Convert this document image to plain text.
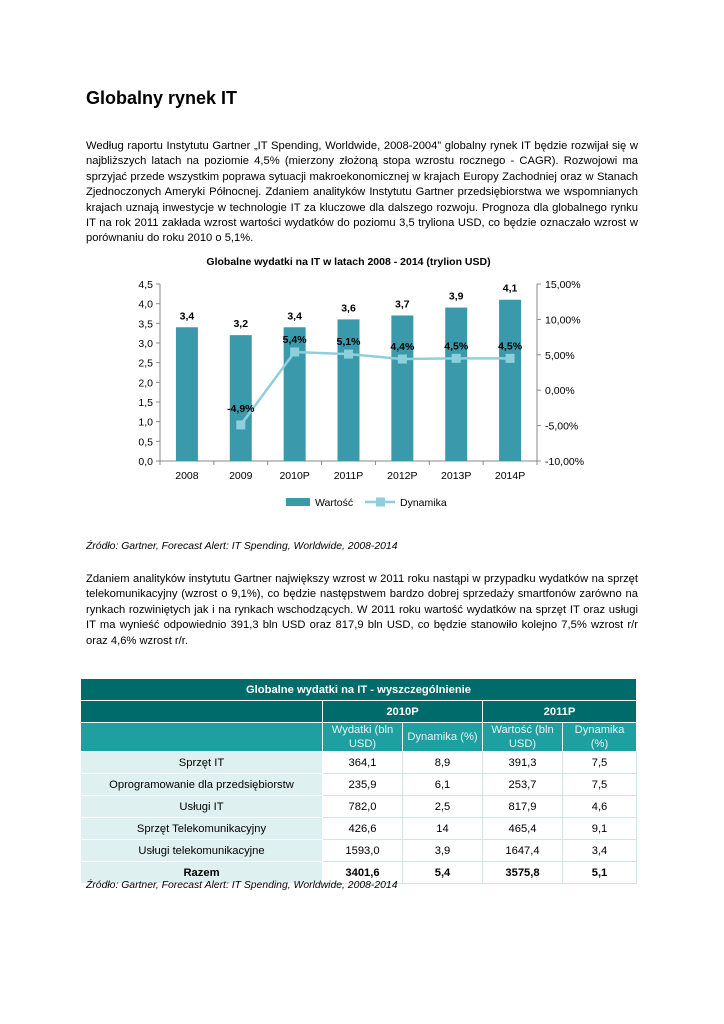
Globalny rynek IT
Według raportu Instytutu Gartner „IT Spending, Worldwide, 2008-2004” globalny rynek IT będzie rozwijał się w najbliższych latach na poziomie 4,5% (mierzony złożoną stopa wzrostu rocznego - CAGR). Rozwojowi ma sprzyjać przede wszystkim poprawa sytuacji makroekonomicznej w krajach Europy Zachodniej oraz w Stanach Zjednoczonych Ameryki Północnej. Zdaniem analityków Instytutu Gartner przedsiębiorstwa we wspomnianych krajach uznają inwestycje w technologie IT za kluczowe dla dalszego rozwoju. Prognoza dla globalnego rynku IT na rok 2011 zakłada wzrost wartości wydatków do poziomu 3,5 tryliona USD, co będzie oznaczało wzrost w porównaniu do roku 2010 o 5,1%.
Globalne wydatki na IT w latach 2008 - 2014 (trylion USD)
0,0
0,5
1,0
1,5
2,0
2,5
3,0
3,5
4,0
4,5
-10,00%
-5,00%
0,00%
5,00%
10,00%
15,00%
2008	2009	2010P 2011P 2012P 2013P 2014P
3,4
3,2
3,4
3,6	3,7
3,9
4,1
-4,9%
5,4%	5,1%	4,4%	4,5%	4,5%
Wartość	Dynamika
Źródło: Gartner, Forecast Alert: IT Spending, Worldwide, 2008-2014
Zdaniem analityków instytutu Gartner największy wzrost w 2011 roku nastąpi w przypadku wydatków na sprzęt telekomunikacyjny (wzrost o 9,1%), co będzie następstwem bardzo dobrej sprzedaży smartfonów zarówno na rynkach rozwiniętych jak i na rynkach wschodzących. W 2011 roku wartość wydatków na sprzęt IT oraz usługi IT ma wynieść odpowiednio 391,3 bln USD oraz 817,9 bln USD, co będzie stanowiło kolejno 7,5% wzrost r/r oraz 4,6% wzrost r/r.
Globalne wydatki na IT - wyszczególnienie				
	2010P		2011P	
	Wydatki (bln USD)	Dynamika (%)	Wartość (bln USD)	Dynamika (%)
Sprzęt IT	364,1	8,9	391,3	7,5
Oprogramowanie dla przedsiębiorstw	235,9	6,1	253,7	7,5
Usługi IT	782,0	2,5	817,9	4,6
Sprzęt Telekomunikacyjny	426,6	14	465,4	9,1
Usługi telekomunikacyjne	1593,0	3,9	1647,4	3,4
Razem	3401,6	5,4	3575,8	5,1
Źródło: Gartner, Forecast Alert: IT Spending, Worldwide, 2008-2014
